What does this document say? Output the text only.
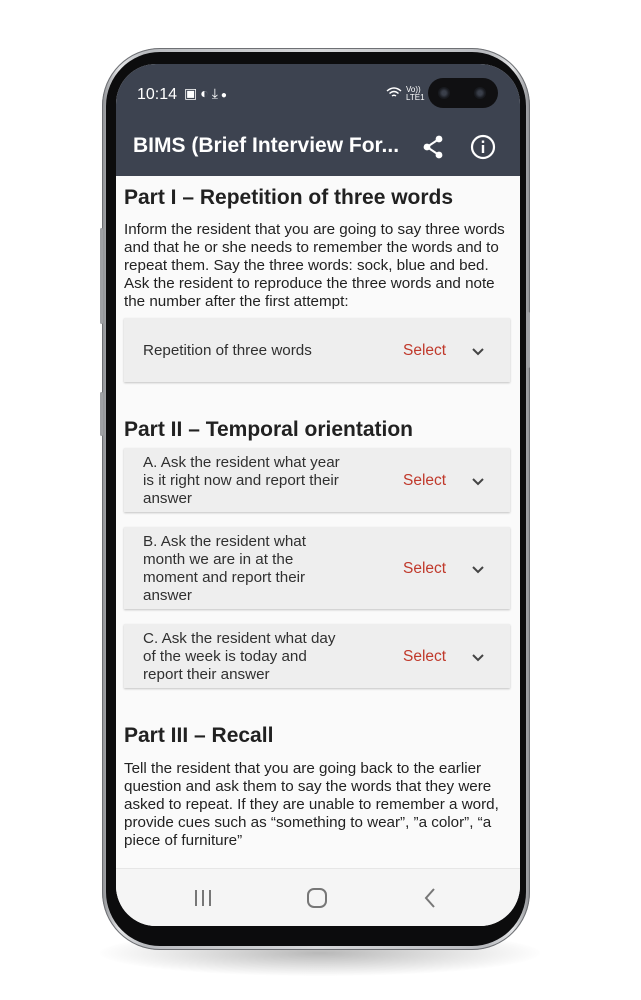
10:14 ▣◐⤓●
Vo))
LTE1
BIMS (Brief Interview For...
Part I – Repetition of three words

Inform the resident that you are going to say three words and that he or she needs to remember the words and to repeat them. Say the three words: sock, blue and bed. Ask the resident to reproduce the three words and note the number after the first attempt:

Repetition of three words	Select
Part II – Temporal orientation
A. Ask the resident what year is it right now and report their answer
Select
B. Ask the resident what month we are in at the moment and report their answer
Select
C. Ask the resident what day of the week is today and report their answer
Select
Part III – Recall

Tell the resident that you are going back to the earlier question and ask them to say the words that they were asked to repeat. If they are unable to remember a word, provide cues such as “something to wear”, ”a color”, “a piece of furniture”
